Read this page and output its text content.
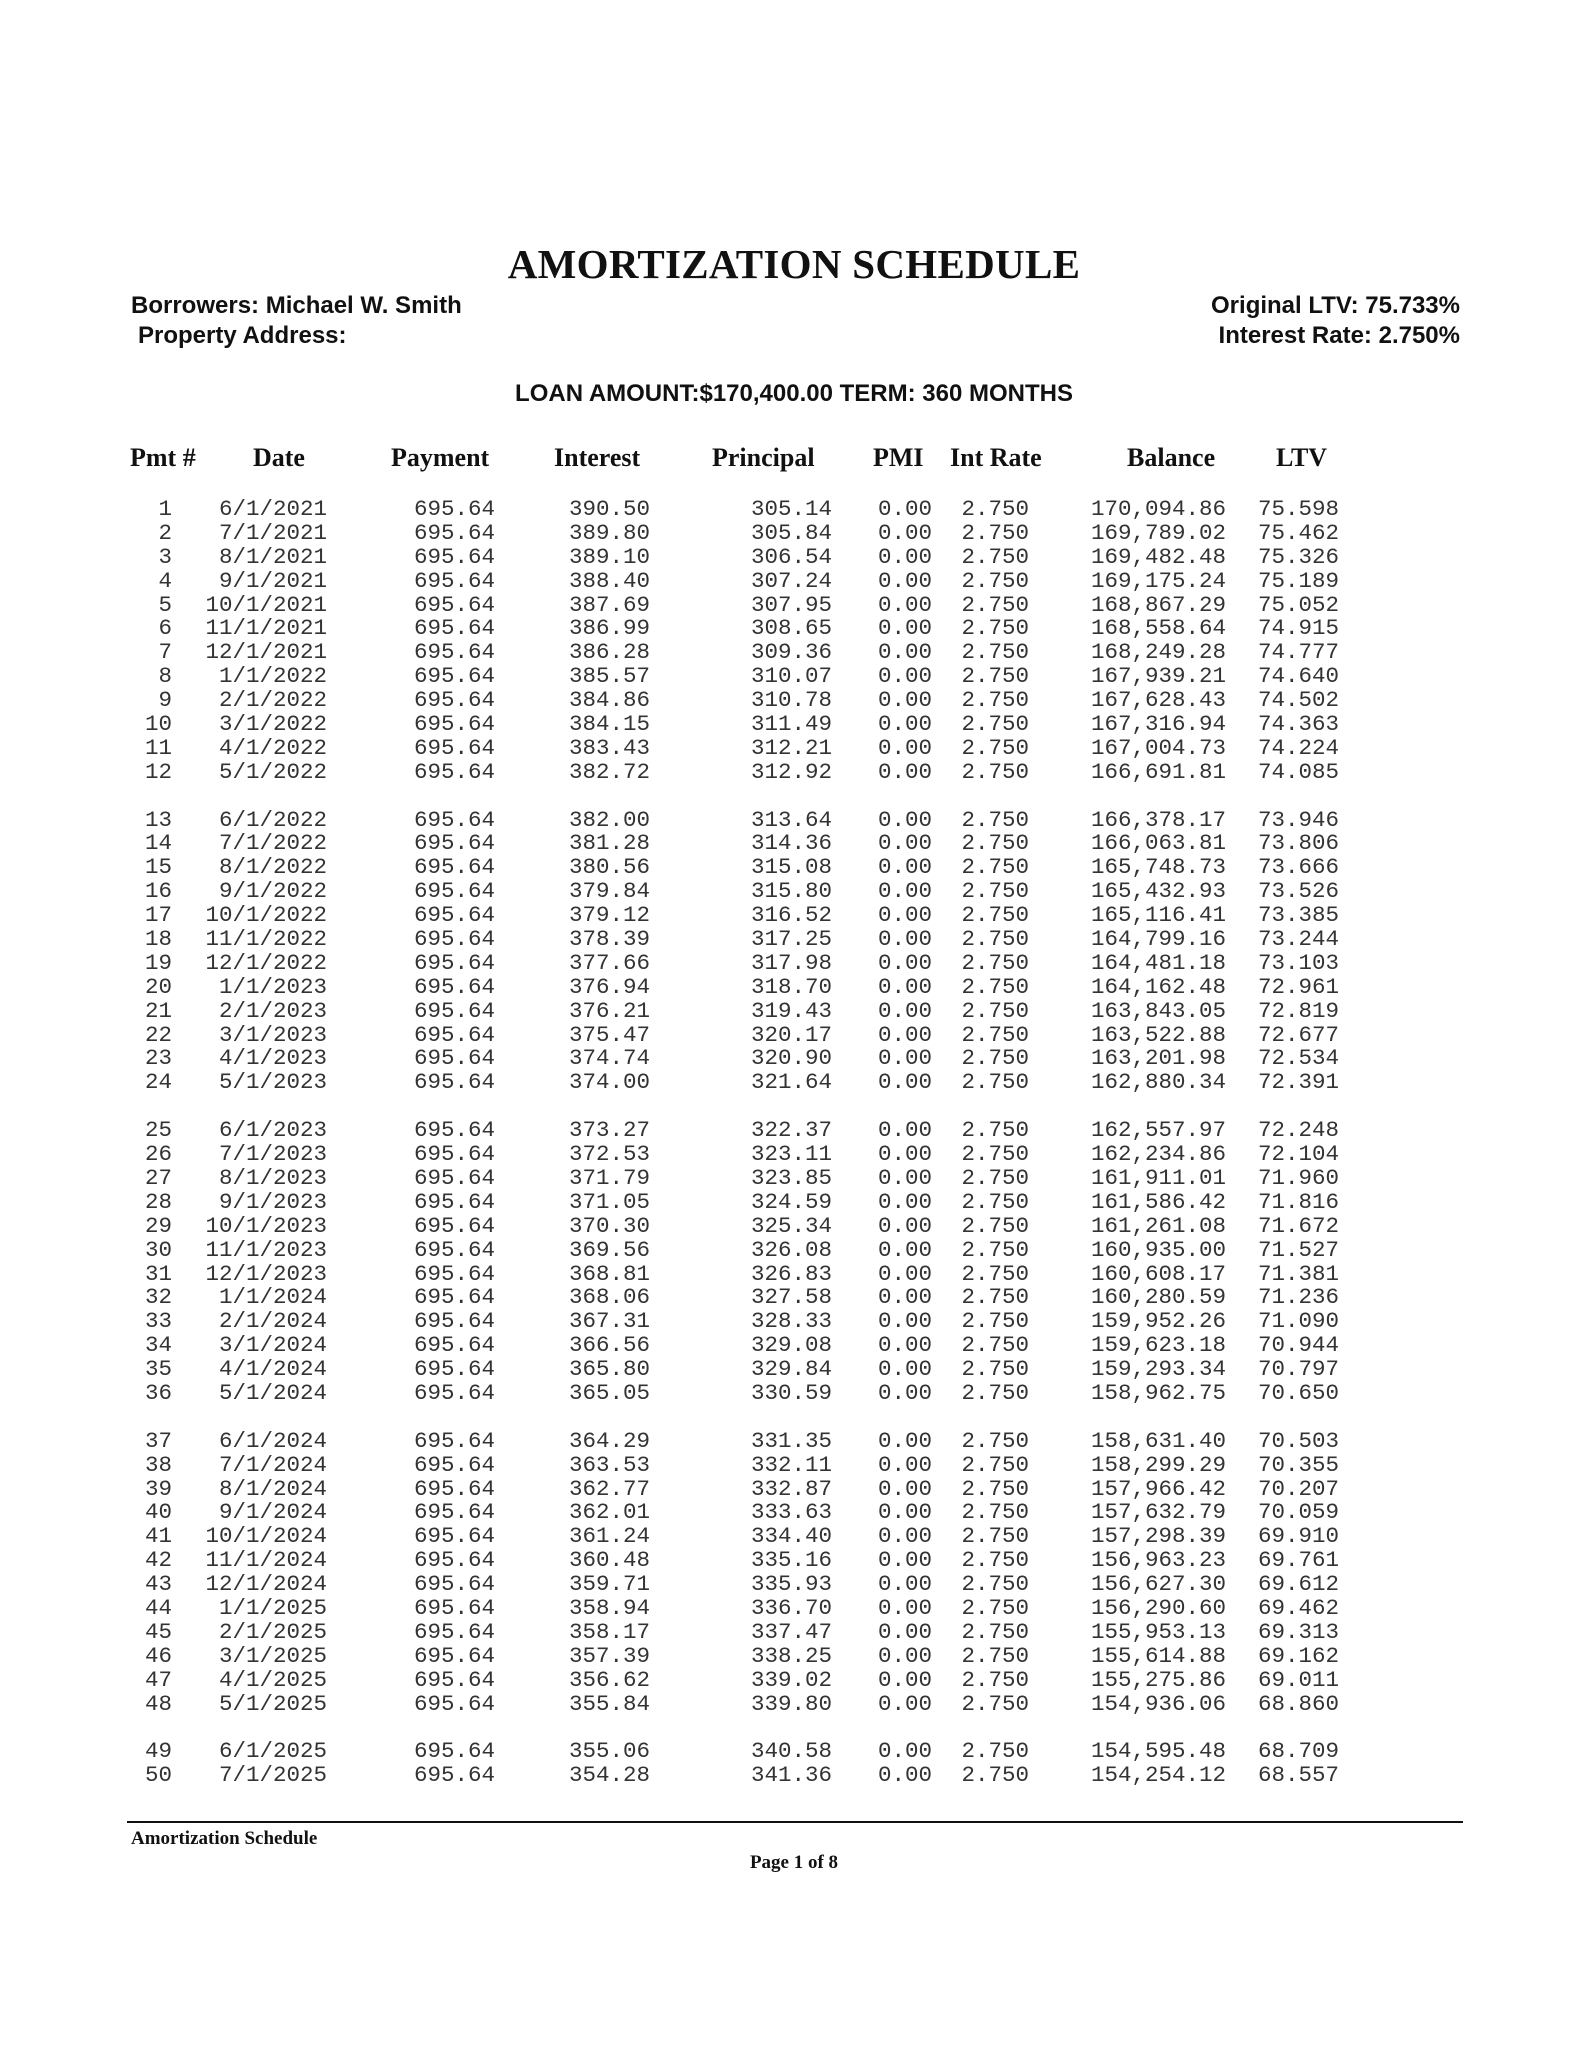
AMORTIZATION SCHEDULE
Borrowers: Michael W. Smith
Property Address:
Original LTV: 75.733%
Interest Rate: 2.750%
LOAN AMOUNT:$170,400.00 TERM: 360 MONTHS
Pmt # Date	Payment Interest	Principal PMI Int Rate	Balance LTV
1 6/1/2021	695.64	390.50	305.14 0.00 2.750	170,094.86 75.598
2 7/1/2021	695.64	389.80	305.84 0.00 2.750	169,789.02 75.462
3 8/1/2021	695.64	389.10	306.54 0.00 2.750	169,482.48 75.326
4 9/1/2021	695.64	388.40	307.24 0.00 2.750	169,175.24 75.189
5 10/1/2021	695.64	387.69	307.95 0.00 2.750	168,867.29 75.052
6 11/1/2021	695.64	386.99	308.65 0.00 2.750	168,558.64 74.915
7 12/1/2021	695.64	386.28	309.36 0.00 2.750	168,249.28 74.777
8 1/1/2022	695.64	385.57	310.07 0.00 2.750	167,939.21 74.640
9 2/1/2022	695.64	384.86	310.78 0.00 2.750	167,628.43 74.502
10 3/1/2022	695.64	384.15	311.49 0.00 2.750	167,316.94 74.363
11 4/1/2022	695.64	383.43	312.21 0.00 2.750	167,004.73 74.224
12 5/1/2022	695.64	382.72	312.92 0.00 2.750	166,691.81 74.085
13 6/1/2022	695.64	382.00	313.64 0.00 2.750	166,378.17 73.946
14 7/1/2022	695.64	381.28	314.36 0.00 2.750	166,063.81 73.806
15 8/1/2022	695.64	380.56	315.08 0.00 2.750	165,748.73 73.666
16 9/1/2022	695.64	379.84	315.80 0.00 2.750	165,432.93 73.526
17 10/1/2022	695.64	379.12	316.52 0.00 2.750	165,116.41 73.385
18 11/1/2022	695.64	378.39	317.25 0.00 2.750	164,799.16 73.244
19 12/1/2022	695.64	377.66	317.98 0.00 2.750	164,481.18 73.103
20 1/1/2023	695.64	376.94	318.70 0.00 2.750	164,162.48 72.961
21 2/1/2023	695.64	376.21	319.43 0.00 2.750	163,843.05 72.819
22 3/1/2023	695.64	375.47	320.17 0.00 2.750	163,522.88 72.677
23 4/1/2023	695.64	374.74	320.90 0.00 2.750	163,201.98 72.534
24 5/1/2023	695.64	374.00	321.64 0.00 2.750	162,880.34 72.391
25 6/1/2023	695.64	373.27	322.37 0.00 2.750	162,557.97 72.248
26 7/1/2023	695.64	372.53	323.11 0.00 2.750	162,234.86 72.104
27 8/1/2023	695.64	371.79	323.85 0.00 2.750	161,911.01 71.960
28 9/1/2023	695.64	371.05	324.59 0.00 2.750	161,586.42 71.816
29 10/1/2023	695.64	370.30	325.34 0.00 2.750	161,261.08 71.672
30 11/1/2023	695.64	369.56	326.08 0.00 2.750	160,935.00 71.527
31 12/1/2023	695.64	368.81	326.83 0.00 2.750	160,608.17 71.381
32 1/1/2024	695.64	368.06	327.58 0.00 2.750	160,280.59 71.236
33 2/1/2024	695.64	367.31	328.33 0.00 2.750	159,952.26 71.090
34 3/1/2024	695.64	366.56	329.08 0.00 2.750	159,623.18 70.944
35 4/1/2024	695.64	365.80	329.84 0.00 2.750	159,293.34 70.797
36 5/1/2024	695.64	365.05	330.59 0.00 2.750	158,962.75 70.650
37 6/1/2024	695.64	364.29	331.35 0.00 2.750	158,631.40 70.503
38 7/1/2024	695.64	363.53	332.11 0.00 2.750	158,299.29 70.355
39 8/1/2024	695.64	362.77	332.87 0.00 2.750	157,966.42 70.207
40 9/1/2024	695.64	362.01	333.63 0.00 2.750	157,632.79 70.059
41 10/1/2024	695.64	361.24	334.40 0.00 2.750	157,298.39 69.910
42 11/1/2024	695.64	360.48	335.16 0.00 2.750	156,963.23 69.761
43 12/1/2024	695.64	359.71	335.93 0.00 2.750	156,627.30 69.612
44 1/1/2025	695.64	358.94	336.70 0.00 2.750	156,290.60 69.462
45 2/1/2025	695.64	358.17	337.47 0.00 2.750	155,953.13 69.313
46 3/1/2025	695.64	357.39	338.25 0.00 2.750	155,614.88 69.162
47 4/1/2025	695.64	356.62	339.02 0.00 2.750	155,275.86 69.011
48 5/1/2025	695.64	355.84	339.80 0.00 2.750	154,936.06 68.860
49 6/1/2025	695.64	355.06	340.58 0.00 2.750	154,595.48 68.709
50 7/1/2025	695.64	354.28	341.36 0.00 2.750	154,254.12 68.557
Amortization Schedule
Page 1 of 8
